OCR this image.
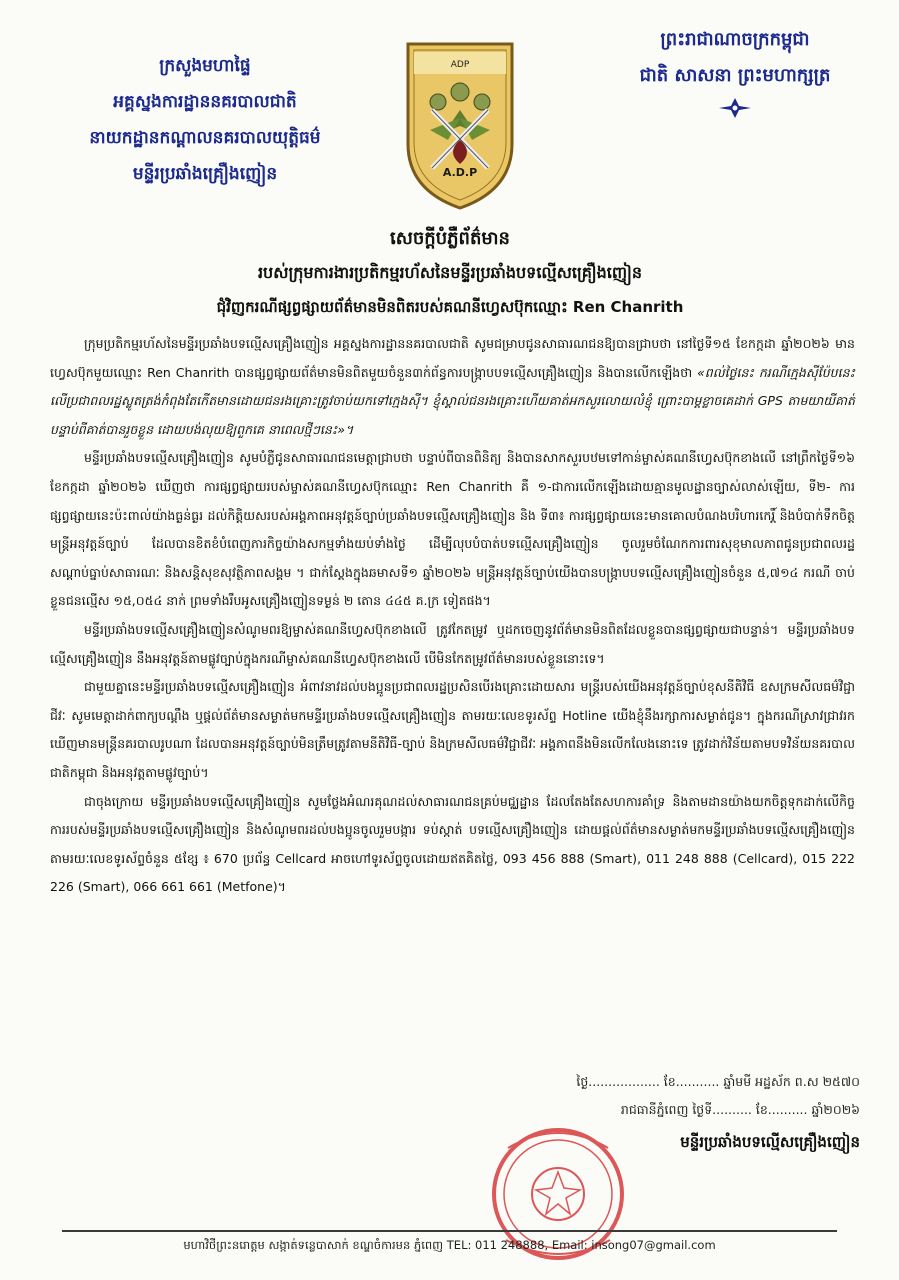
ក្រសួងមហាផ្ទៃ
អគ្គស្នងការដ្ឋាននគរបាលជាតិ
នាយកដ្ឋានកណ្ដាលនគរបាលយុត្តិធម៌
មន្ទីរប្រឆាំងគ្រឿងញៀន
ADP
A.D.P
ព្រះរាជាណាចក្រកម្ពុជា
ជាតិ សាសនា ព្រះមហាក្សត្រ
សេចក្ដីបំភ្លឺព័ត៌មាន
របស់ក្រុមការងារប្រតិកម្មរហ័សនៃមន្ទីរប្រឆាំងបទល្មើសគ្រឿងញៀន
ជុំវិញករណីផ្សព្វផ្សាយព័ត៌មានមិនពិតរបស់គណនីហ្វេសប៊ុកឈ្មោះ Ren Chanrith

ក្រុមប្រតិកម្មរហ័សនៃមន្ទីរប្រឆាំងបទល្មើសគ្រឿងញៀន អគ្គស្នងការដ្ឋាននគរបាលជាតិ សូមជម្រាបជូនសាធារណជនឱ្យបានជ្រាបថា នៅថ្ងៃទី១៥ ខែកក្កដា ឆ្នាំ២០២៦ មានហ្វេសប៊ុកមួយឈ្មោះ Ren Chanrith បានផ្សព្វផ្សាយព័ត៌មានមិនពិតមួយចំនួន៣ក់ព័ន្ធការបង្ក្រាបបទល្មើសគ្រឿងញៀន និងបានលើកឡើងថា «ពល់ថ្ងៃនេះ ករណីក្មេងស៊ីប៉ែបនេះ លើប្រជាពលរដ្ឋស្លូតត្រង់កំពុងតែកើតមានដោយជនរងគ្រោះត្រូវចាប់យកទៅក្មេងស៊ី។ ខ្ញុំស្គាល់ជនរងគ្រោះហើយគាត់អកសួរលោយលំខ្ញុំ ព្រោះបាម្ដខ្លាចគេដាក់ GPS តាមយាយីគាត់ បន្ទាប់ពីគាត់បានរួចខ្លួន ដោយបង់លុយឱ្យពួកគេ នាពេលថ្មីៗនេះ»។

មន្ទីរប្រឆាំងបទល្មើសគ្រឿងញៀន សូមបំភ្លឺជូនសាធារណជនមេត្តាជ្រាបថា បន្ទាប់ពីបានពិនិត្យ និងបានសាកសួរបឋមទៅកាន់ម្ចាស់គណនីហ្វេសប៊ុកខាងលើ នៅព្រឹកថ្ងៃទី១៦ ខែកក្កដា ឆ្នាំ២០២៦ ឃើញថា ការផ្សព្វផ្សាយរបស់ម្ចាស់គណនីហ្វេសប៊ុកឈ្មោះ Ren Chanrith គឺ ១-ជាការលើកឡើងដោយគ្មានមូលដ្ឋានច្បាស់លាស់ឡើយ, ទី២- ការផ្សព្វផ្សាយនេះប៉ះពាល់យ៉ាងធ្ងន់ធ្ងរ ដល់កិត្តិយសរបស់អង្គភាពអនុវត្តន៍ច្បាប់ប្រឆាំងបទល្មើសគ្រឿងញៀន និង ទី៣៖ ការផ្សព្វផ្សាយនេះមានគោលបំណងបរិហារកេរ្តិ៍ និងបំបាក់ទឹកចិត្តមន្ត្រីអនុវត្តន៍ច្បាប់ ដែលបានខិតខំបំពេញភារកិច្ចយ៉ាងសកម្មទាំងយប់ទាំងថ្ងៃ ដើម្បីលុបបំបាត់បទល្មើសគ្រឿងញៀន ចូលរួមចំណែកការពារសុខុមាលភាពជូនប្រជាពលរដ្ឋ សណ្ដាប់ធ្នាប់សាធារណៈ និងសន្តិសុខសុវត្ថិភាពសង្គម ។ ជាក់ស្ដែងក្នុងឆមាសទី១ ឆ្នាំ២០២៦ មន្ត្រីអនុវត្តន៍ច្បាប់យើងបានបង្ក្រាបបទល្មើសគ្រឿងញៀនចំនួន ៥,៧១៤ ករណី ចាប់ខ្លួនជនល្មើស ១៥,០៥៤ នាក់ ព្រមទាំងរឹបអូសគ្រឿងញៀនទម្ងន់ ២ តោន ៤៤៥ គ.ក្រ ទៀតផង។

មន្ទីរប្រឆាំងបទល្មើសគ្រឿងញៀនសំណូមពរឱ្យម្ចាស់គណនីហ្វេសប៊ុកខាងលើ ត្រូវកែតម្រូវ ឬដកចេញនូវព័ត៌មានមិនពិតដែលខ្លួនបានផ្សព្វផ្សាយជាបន្ទាន់។ មន្ទីរប្រឆាំងបទល្មើសគ្រឿងញៀន នឹងអនុវត្តន៍តាមផ្លូវច្បាប់ក្នុងករណីម្ចាស់គណនីហ្វេសប៊ុកខាងលើ បើមិនកែតម្រូវព័ត៌មានរបស់ខ្លួននោះទេ។

ជាមួយគ្នានេះមន្ទីរប្រឆាំងបទល្មើសគ្រឿងញៀន អំពាវនាវដល់បងប្អូនប្រជាពលរដ្ឋប្រសិនបើរងគ្រោះដោយសារ មន្ត្រីរបស់យើងអនុវត្តន៍ច្បាប់ខុសនីតិវិធី ឧសក្រមសីលធម៌វិជ្ជាជីវៈ សូមមេត្តាដាក់ពាក្យបណ្ដឹង ឬផ្ដល់ព័ត៌មានសម្ងាត់មកមន្ទីរប្រឆាំងបទល្មើសគ្រឿងញៀន តាមរយៈលេខទូរស័ព្ទ Hotline យើងខ្ញុំនឹងរក្សាការសម្ងាត់ជូន។ ក្នុងករណីស្រាវជ្រាវរកឃើញមានមន្ត្រីនគរបាលរូបណា ដែលបានអនុវត្តន៍ច្បាប់មិនត្រឹមត្រូវតាមនីតិវិធី-ច្បាប់ និងក្រមសីលធម៌វិជ្ជាជីវៈ អង្គភាពនឹងមិនលើកលែងនោះទេ ត្រូវដាក់វិន័យតាមបទវិន័យនគរបាលជាតិកម្ពុជា និងអនុវត្តតាមផ្លូវច្បាប់។

ជាចុងក្រោយ មន្ទីរប្រឆាំងបទល្មើសគ្រឿងញៀន សូមថ្លែងអំណរគុណដល់សាធារណជនគ្រប់មជ្ឈដ្ឋាន ដែលតែងតែសហការគាំទ្រ និងតាមដានយ៉ាងយកចិត្តទុកដាក់លើកិច្ចការរបស់មន្ទីរប្រឆាំងបទល្មើសគ្រឿងញៀន និងសំណូមពរដល់បងប្អូនចូលរួមបង្ការ ទប់ស្កាត់ បទល្មើសគ្រឿងញៀន ដោយផ្ដល់ព័ត៌មានសម្ងាត់មកមន្ទីរប្រឆាំងបទល្មើសគ្រឿងញៀនតាមរយៈលេខទូរស័ព្ទចំនួន ៥ខ្សែ ៖ 670 ប្រព័ន្ធ Cellcard អាចហៅទូរស័ព្ទចូលដោយឥតគិតថ្លៃ, 093 456 888 (Smart), 011 248 888 (Cellcard), 015 222 226 (Smart), 066 661 661 (Metfone)។

ថ្ងៃ.................. ខែ........... ឆ្នាំមមី អដ្ឋស័ក ព.ស ២៥៧០
រាជធានីភ្នំពេញ ថ្ងៃទី.......... ខែ.......... ឆ្នាំ២០២៦
មន្ទីរប្រឆាំងបទល្មើសគ្រឿងញៀន
មហាវិថីព្រះនរោត្តម សង្កាត់ទន្លេបាសាក់ ខណ្ឌចំការមន ភ្នំពេញ TEL: 011 248888, Email: insong07@gmail.com
